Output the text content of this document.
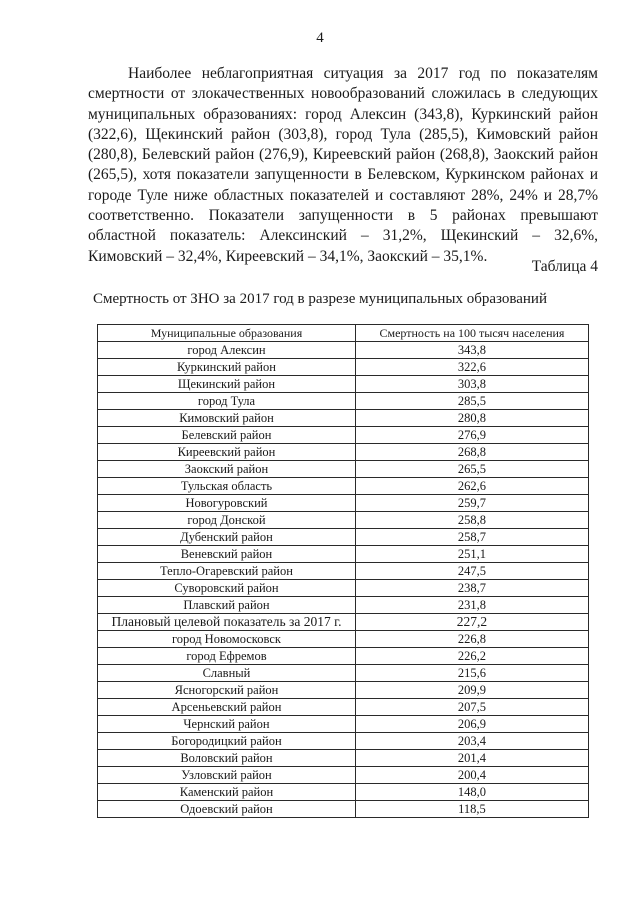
4

Наиболее неблагоприятная ситуация за 2017 год по показателям смертности от злокачественных новообразований сложилась в следующих муниципальных образованиях: город Алексин (343,8), Куркинский район (322,6), Щекинский район (303,8), город Тула (285,5), Кимовский район (280,8), Белевский район (276,9), Киреевский район (268,8), Заокский район (265,5), хотя показатели запущенности в Белевском, Куркинском районах и городе Туле ниже областных показателей и составляют 28%, 24% и 28,7% соответственно. Показатели запущенности в 5 районах превышают областной показатель: Алексинский – 31,2%, Щекинский – 32,6%, Кимовский – 32,4%, Киреевский – 34,1%, Заокский – 35,1%.

Таблица 4
Смертность от ЗНО за 2017 год в разрезе муниципальных образований
Муниципальные образования	Смертность на 100 тысяч населения
город Алексин	343,8
Куркинский район	322,6
Щекинский район	303,8
город Тула	285,5
Кимовский район	280,8
Белевский район	276,9
Киреевский район	268,8
Заокский район	265,5
Тульская область	262,6
Новогуровский	259,7
город Донской	258,8
Дубенский район	258,7
Веневский район	251,1
Тепло-Огаревский район	247,5
Суворовский район	238,7
Плавский район	231,8
Плановый целевой показатель за 2017 г.	227,2
город Новомосковск	226,8
город Ефремов	226,2
Славный	215,6
Ясногорский район	209,9
Арсеньевский район	207,5
Чернский район	206,9
Богородицкий район	203,4
Воловский район	201,4
Узловский район	200,4
Каменский район	148,0
Одоевский район	118,5
